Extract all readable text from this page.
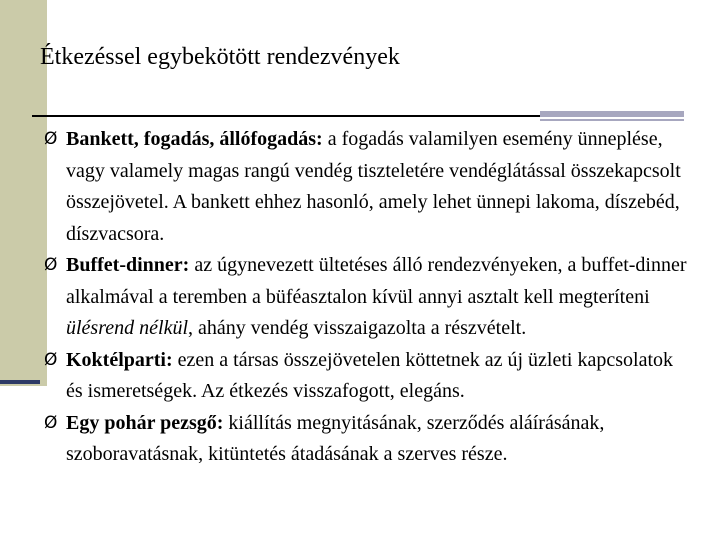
Étkezéssel egybekötött rendezvények
Ø Bankett, fogadás, állófogadás: a fogadás valamilyen esemény ünneplése, vagy valamely magas rangú vendég tiszteletére vendéglátással összekapcsolt összejövetel. A bankett ehhez hasonló, amely lehet ünnepi lakoma, díszebéd, díszvacsora.
Ø Buffet-dinner: az úgynevezett ültetéses álló rendezvényeken, a buffet-dinner alkalmával a teremben a büféasztalon kívül annyi asztalt kell megteríteni ülésrend nélkül, ahány vendég visszaigazolta a részvételt.
Ø Koktélparti: ezen a társas összejövetelen köttetnek az új üzleti kapcsolatok és ismeretségek. Az étkezés visszafogott, elegáns.
Ø Egy pohár pezsgő: kiállítás megnyitásának, szerződés aláírásának, szoboravatásnak, kitüntetés átadásának a szerves része.
